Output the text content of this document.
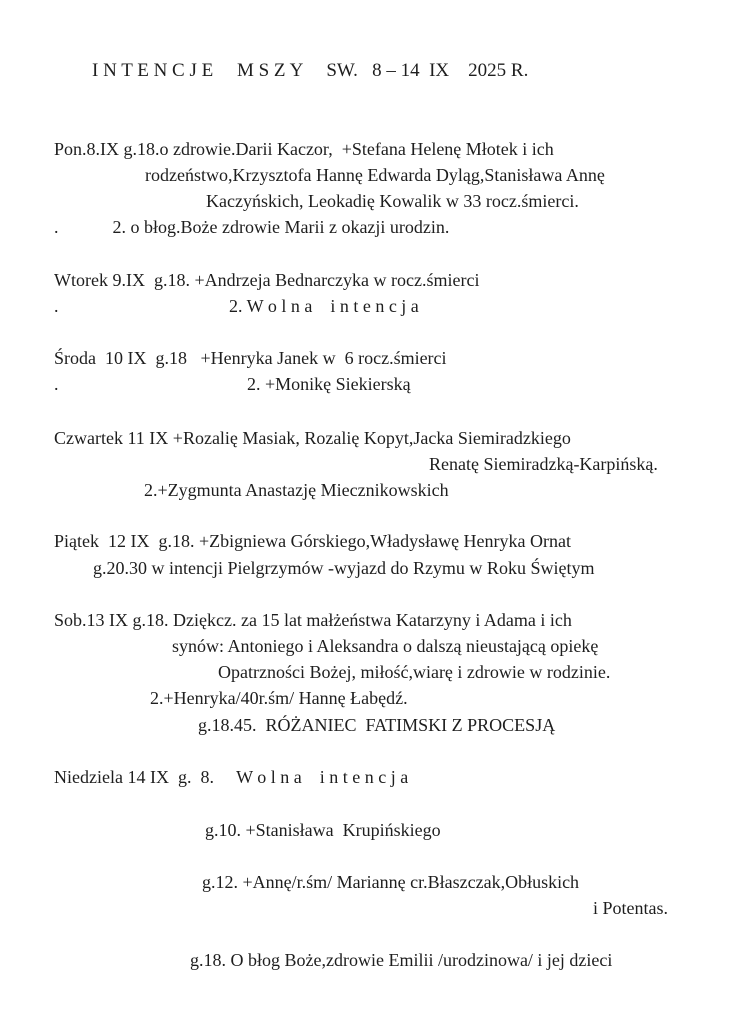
I N T E N C J E     M S Z Y     SW.   8 – 14  IX    2025 R.
Pon.8.IX g.18.o zdrowie.Darii Kaczor,  +Stefana Helenę Młotek i ich
rodzeństwo,Krzysztofa Hannę Edwarda Dyląg,Stanisława Annę
Kaczyńskich, Leokadię Kowalik w 33 rocz.śmierci.
.            2. o błog.Boże zdrowie Marii z okazji urodzin.
Wtorek 9.IX  g.18. +Andrzeja Bednarczyka w rocz.śmierci
.	2. W o l n a    i n t e n c j a
Środa  10 IX  g.18   +Henryka Janek w  6 rocz.śmierci
.	2. +Monikę Siekierską
Czwartek 11 IX +Rozalię Masiak, Rozalię Kopyt,Jacka Siemiradzkiego
Renatę Siemiradzką-Karpińską.
2.+Zygmunta Anastazję Miecznikowskich
Piątek  12 IX  g.18. +Zbigniewa Górskiego,Władysławę Henryka Ornat
g.20.30 w intencji Pielgrzymów -wyjazd do Rzymu w Roku Świętym
Sob.13 IX g.18. Dziękcz. za 15 lat małżeństwa Katarzyny i Adama i ich
synów: Antoniego i Aleksandra o dalszą nieustającą opiekę
Opatrzności Bożej, miłość,wiarę i zdrowie w rodzinie.
2.+Henryka/40r.śm/ Hannę Łabędź.
g.18.45.  RÓŻANIEC  FATIMSKI Z PROCESJĄ
Niedziela 14 IX  g.  8.     W o l n a    i n t e n c j a
g.10. +Stanisława  Krupińskiego
g.12. +Annę/r.śm/ Mariannę cr.Błaszczak,Obłuskich
i Potentas.
g.18. O błog Boże,zdrowie Emilii /urodzinowa/ i jej dzieci
